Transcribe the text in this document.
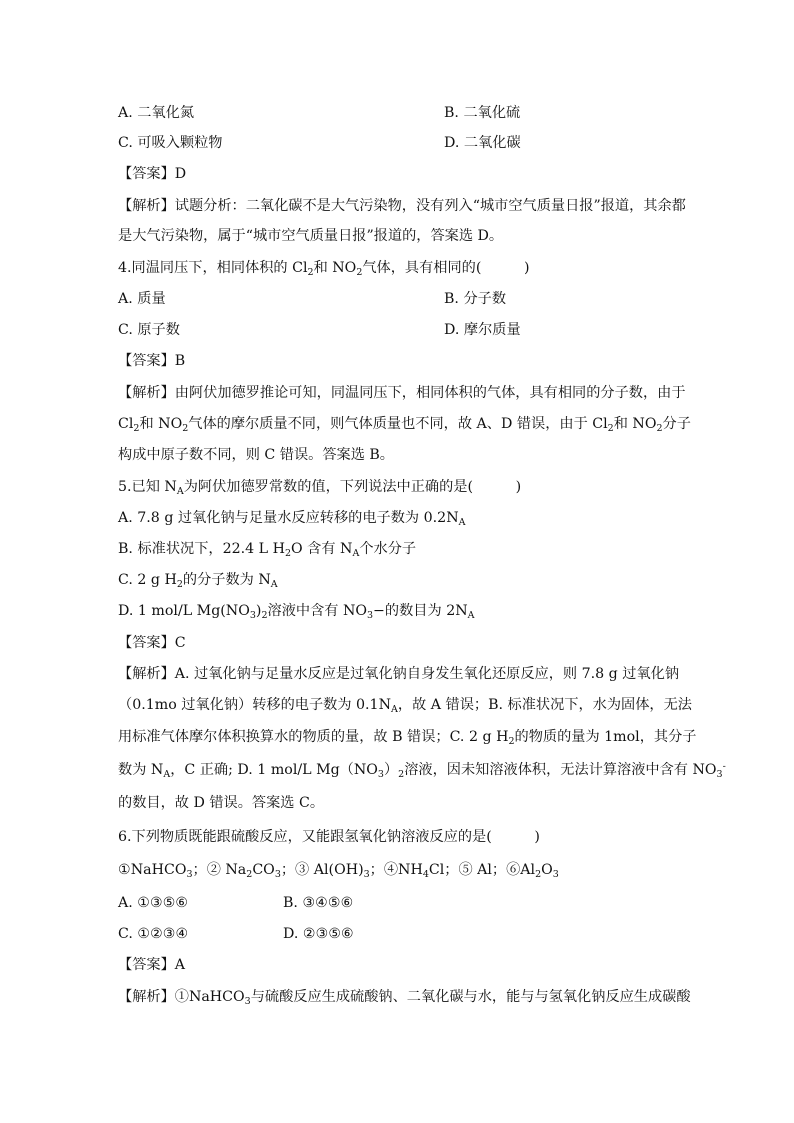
A. 二氧化氮	B. 二氧化硫
C. 可吸入颗粒物	D. 二氧化碳
【答案】D
【解析】试题分析：二氧化碳不是大气污染物，没有列入“城市空气质量日报”报道，其余都
是大气污染物，属于“城市空气质量日报”报道的，答案选 D。
4.同温同压下，相同体积的 $Cl_2$和 $NO_2$气体，具有相同的(　　　)
A. 质量	B. 分子数
C. 原子数	D. 摩尔质量
【答案】B
【解析】由阿伏加德罗推论可知，同温同压下，相同体积的气体，具有相同的分子数，由于
$Cl_2$和 $NO_2$气体的摩尔质量不同，则气体质量也不同，故 A、D 错误，由于 $Cl_2$和 $NO_2$分子
构成中原子数不同，则 C 错误。答案选 B。
5.已知 $N_A$为阿伏加德罗常数的值，下列说法中正确的是(　　　)
A. 7.8 g 过氧化钠与足量水反应转移的电子数为 $0.2N_A$
B. 标准状况下，22.4 L $H_2O$ 含有 $N_A$个水分子
C. 2 g $H_2$的分子数为 $N_A$
D. 1 mol/L $Mg(NO_3)_2$溶液中含有 $NO_3-$的数目为 $2N_A$
【答案】C
【解析】A. 过氧化钠与足量水反应是过氧化钠自身发生氧化还原反应，则 7.8 g 过氧化钠
（0.1mo 过氧化钠）转移的电子数为 $0.1N_A$，故 A 错误；B. 标准状况下，水为固体，无法
用标准气体摩尔体积换算水的物质的量，故 B 错误；C. 2 g $H_2$的物质的量为 1mol，其分子
数为 $N_A$，C 正确; D. 1 mol/L $Mg(NO_3)_2$溶液，因未知溶液体积，无法计算溶液中含有 $NO_3^-$
的数目，故 D 错误。答案选 C。
6.下列物质既能跟硫酸反应，又能跟氢氧化钠溶液反应的是(　　　)
①NaHCO$_3$；② $Na_2CO_3$；③ $Al(OH)_3$；$④NH_4Cl$；⑤ Al；$⑥Al_2O_3$
A. ①③⑤⑥	B. ③④⑤⑥
C. ①②③④	D. ②③⑤⑥
【答案】A
【解析】①NaHCO$_3$与硫酸反应生成硫酸钠、二氧化碳与水，能与与氢氧化钠反应生成碳酸
